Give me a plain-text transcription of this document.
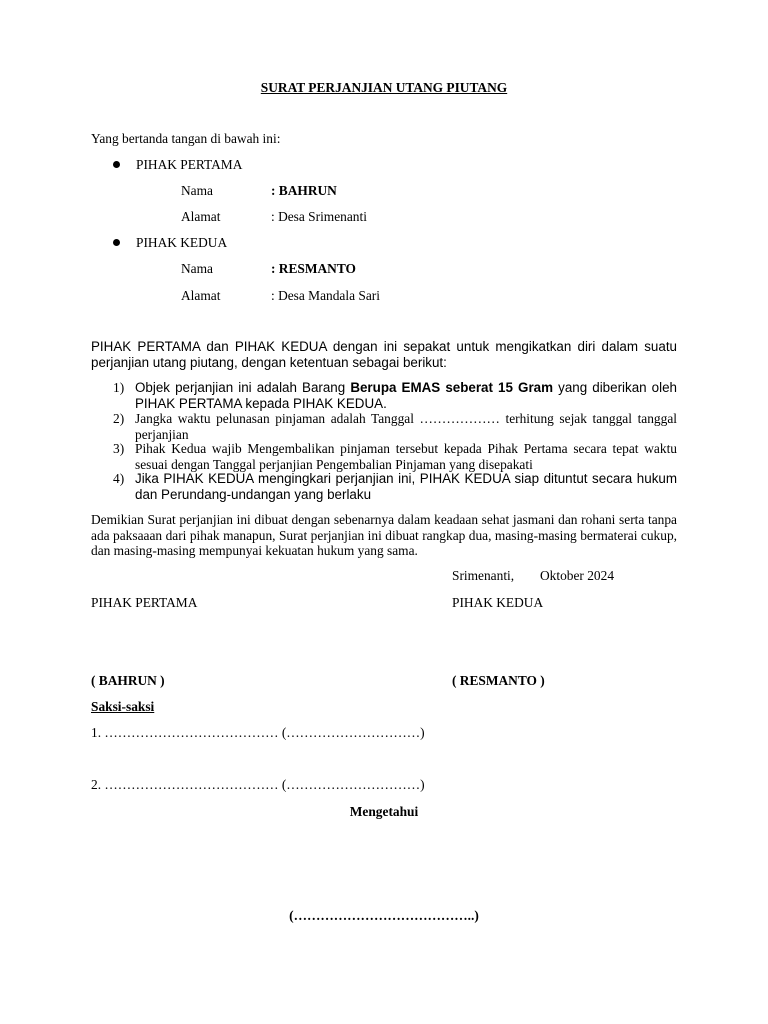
SURAT PERJANJIAN UTANG PIUTANG
Yang bertanda tangan di bawah ini:
PIHAK PERTAMA
Nama	: BAHRUN
Alamat	: Desa Srimenanti
PIHAK KEDUA
Nama	: RESMANTO
Alamat	: Desa Mandala Sari
PIHAK PERTAMA dan PIHAK KEDUA dengan ini sepakat untuk mengikatkan diri dalam suatu perjanjian utang piutang, dengan ketentuan sebagai berikut:
1) Objek perjanjian ini adalah Barang Berupa EMAS seberat 15 Gram yang diberikan oleh PIHAK PERTAMA kepada PIHAK KEDUA.
2) Jangka waktu pelunasan pinjaman adalah Tanggal ……………… terhitung sejak tanggal tanggal perjanjian
3) Pihak Kedua wajib Mengembalikan pinjaman tersebut kepada Pihak Pertama secara tepat waktu sesuai dengan Tanggal perjanjian Pengembalian Pinjaman yang disepakati
4) Jika PIHAK KEDUA mengingkari perjanjian ini, PIHAK KEDUA siap dituntut secara hukum dan Perundang-undangan yang berlaku
Demikian Surat perjanjian ini dibuat dengan sebenarnya dalam keadaan sehat jasmani dan rohani serta tanpa ada paksaaan dari pihak manapun, Surat perjanjian ini dibuat rangkap dua, masing-masing bermaterai cukup, dan masing-masing mempunyai kekuatan hukum yang sama.
Srimenanti, Oktober 2024
PIHAK PERTAMA	PIHAK KEDUA
( BAHRUN )	( RESMANTO )
Saksi-saksi
1. ………………………………… (…………………………)
2. ………………………………… (…………………………)
Mengetahui
(…………………………………..)
